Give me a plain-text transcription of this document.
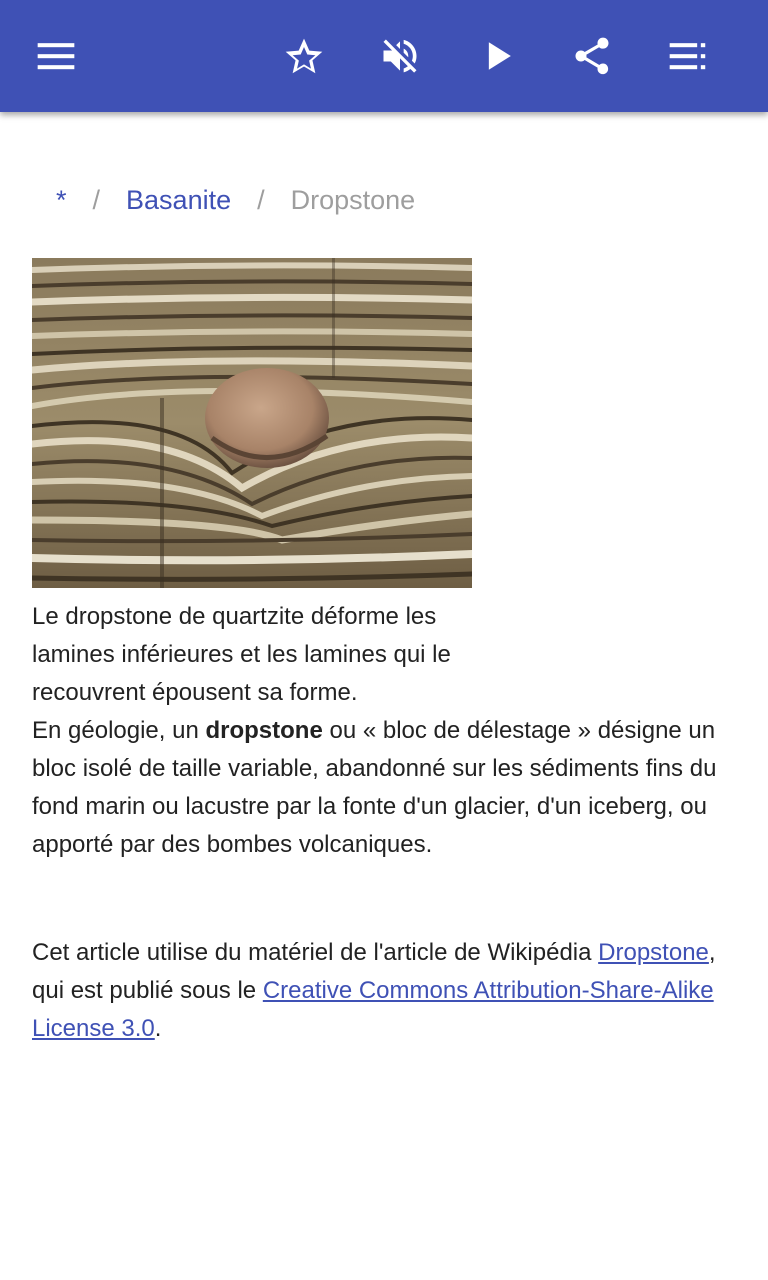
* / Basanite / Dropstone
Le dropstone de quartzite déforme les lamines inférieures et les lamines qui le recouvrent épousent sa forme.
En géologie, un dropstone ou « bloc de délestage » désigne un bloc isolé de taille variable, abandonné sur les sédiments fins du fond marin ou lacustre par la fonte d'un glacier, d'un iceberg, ou apporté par des bombes volcaniques.
Cet article utilise du matériel de l'article de Wikipédia Dropstone, qui est publié sous le Creative Commons Attribution-Share-Alike License 3.0.
